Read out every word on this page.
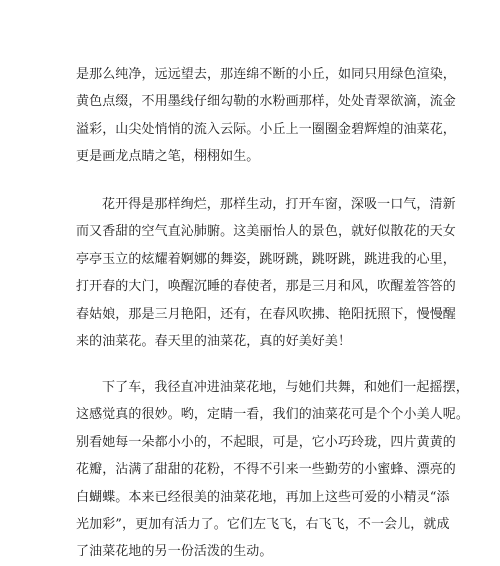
是那么纯净，远远望去，那连绵不断的小丘，如同只用绿色渲染，
黄色点缀，不用墨线仔细勾勒的水粉画那样，处处青翠欲滴，流金
溢彩，山尖处悄悄的流入云际。小丘上一圈圈金碧辉煌的油菜花，
更是画龙点睛之笔，栩栩如生。
花开得是那样绚烂，那样生动，打开车窗，深吸一口气，清新
而又香甜的空气直沁肺腑。这美丽怡人的景色，就好似散花的天女
亭亭玉立的炫耀着婀娜的舞姿，跳呀跳，跳呀跳，跳进我的心里，
打开春的大门，唤醒沉睡的春使者，那是三月和风，吹醒羞答答的
春姑娘，那是三月艳阳，还有，在春风吹拂、艳阳抚照下，慢慢醒
来的油菜花。春天里的油菜花，真的好美好美！
下了车，我径直冲进油菜花地，与她们共舞，和她们一起摇摆，
这感觉真的很妙。哟，定睛一看，我们的油菜花可是个个小美人呢。
别看她每一朵都小小的，不起眼，可是，它小巧玲珑，四片黄黄的
花瓣，沾满了甜甜的花粉，不得不引来一些勤劳的小蜜蜂、漂亮的
白蝴蝶。本来已经很美的油菜花地，再加上这些可爱的小精灵“添
光加彩”，更加有活力了。它们左飞飞，右飞飞，不一会儿，就成
了油菜花地的另一份活泼的生动。
